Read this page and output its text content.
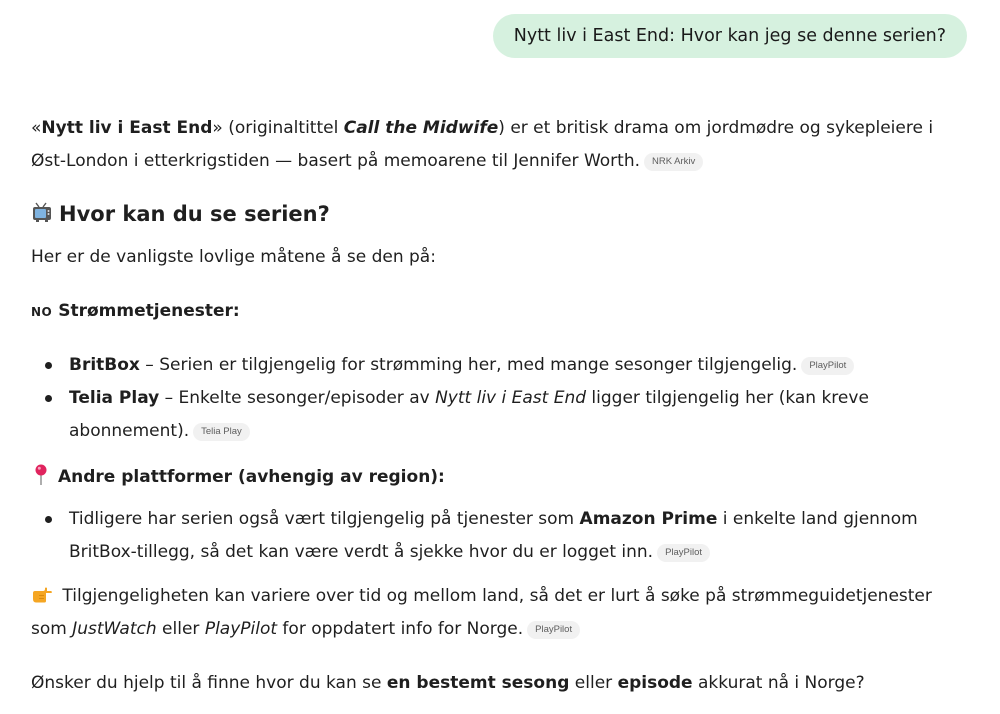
Nytt liv i East End: Hvor kan jeg se denne serien?

«Nytt liv i East End» (originaltittel Call the Midwife) er et britisk drama om jordmødre og sykepleiere i Øst-London i etterkrigstiden — basert på memoarene til Jennifer Worth. NRK Arkiv

Hvor kan du se serien?

Her er de vanligste lovlige måtene å se den på:

NO Strømmetjenester:

BritBox – Serien er tilgjengelig for strømming her, med mange sesonger tilgjengelig. PlayPilot
Telia Play – Enkelte sesonger/episoder av Nytt liv i East End ligger tilgjengelig her (kan kreve abonnement). Telia Play

Andre plattformer (avhengig av region):

Tidligere har serien også vært tilgjengelig på tjenester som Amazon Prime i enkelte land gjennom BritBox-tillegg, så det kan være verdt å sjekke hvor du er logget inn. PlayPilot

Tilgjengeligheten kan variere over tid og mellom land, så det er lurt å søke på strømmeguidetjenester som JustWatch eller PlayPilot for oppdatert info for Norge. PlayPilot

Ønsker du hjelp til å finne hvor du kan se en bestemt sesong eller episode akkurat nå i Norge?
